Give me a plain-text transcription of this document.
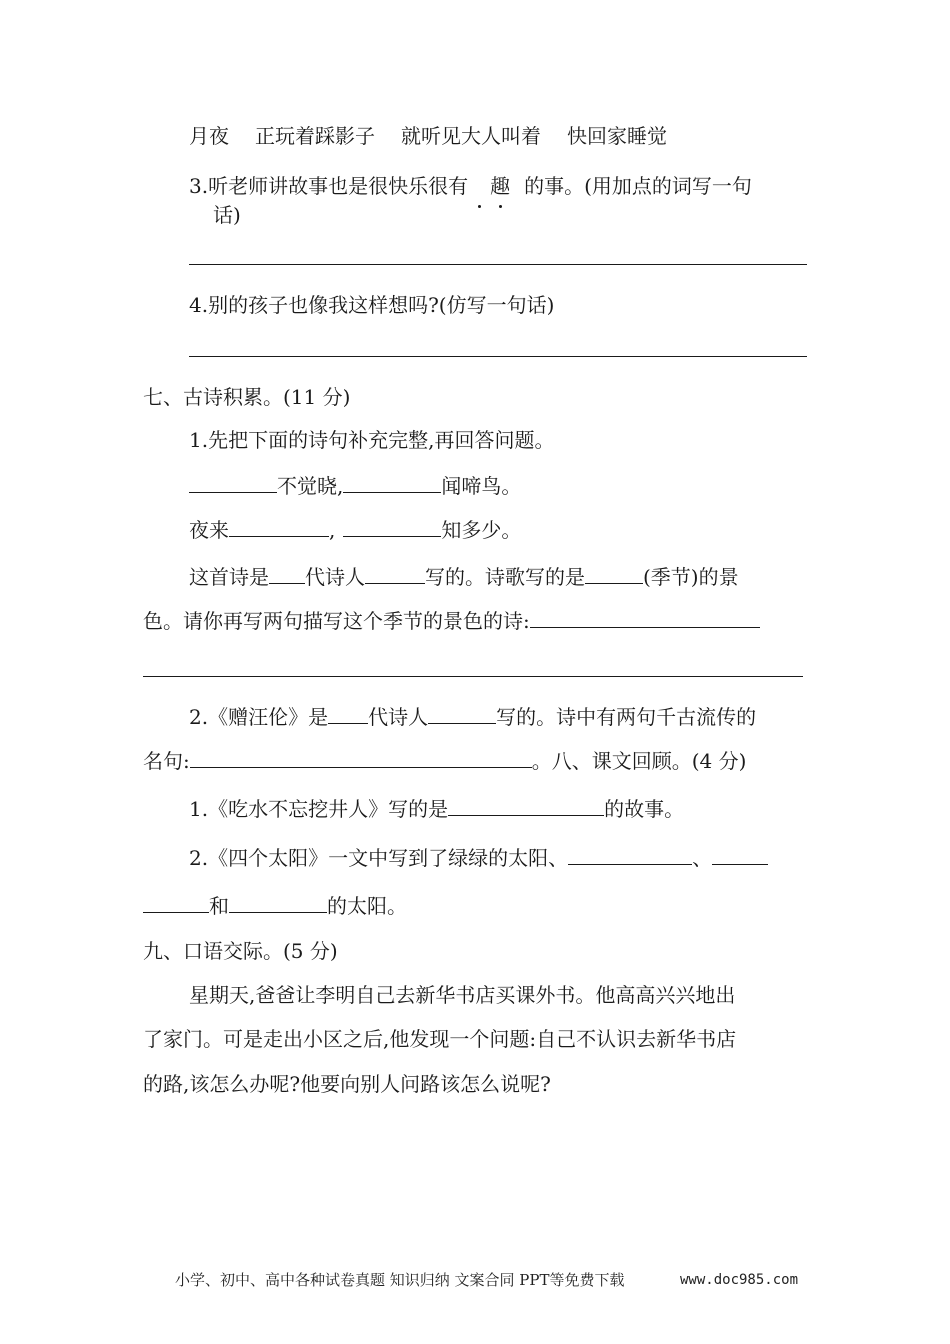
月夜 正玩着踩影子 就听见大人叫着 快回家睡觉
3.听老师讲故事也是很快乐很有 趣 的事。(用加点的词写一句
话)
4.别的孩子也像我这样想吗?(仿写一句话)
七、古诗积累。(11 分)
1.先把下面的诗句补充完整,再回答问题。
不觉晓,	闻啼鸟。
夜来	,	知多少。
这首诗是 代诗人	写的。诗歌写的是	(季节)的景
色。请你再写两句描写这个季节的景色的诗:
2.《赠汪伦》是 代诗人	写的。诗中有两句千古流传的
名句:	。八、课文回顾。(4 分)
1.《吃水不忘挖井人》写的是	的故事。
2.《四个太阳》一文中写到了绿绿的太阳、	、
和	的太阳。
九、口语交际。(5 分)
星期天,爸爸让李明自己去新华书店买课外书。他高高兴兴地出
了家门。可是走出小区之后,他发现一个问题:自己不认识去新华书店
的路,该怎么办呢?他要向别人问路该怎么说呢?
小学、初中、高中各种试卷真题 知识归纳 文案合同 PPT等免费下载	www.doc985.com
